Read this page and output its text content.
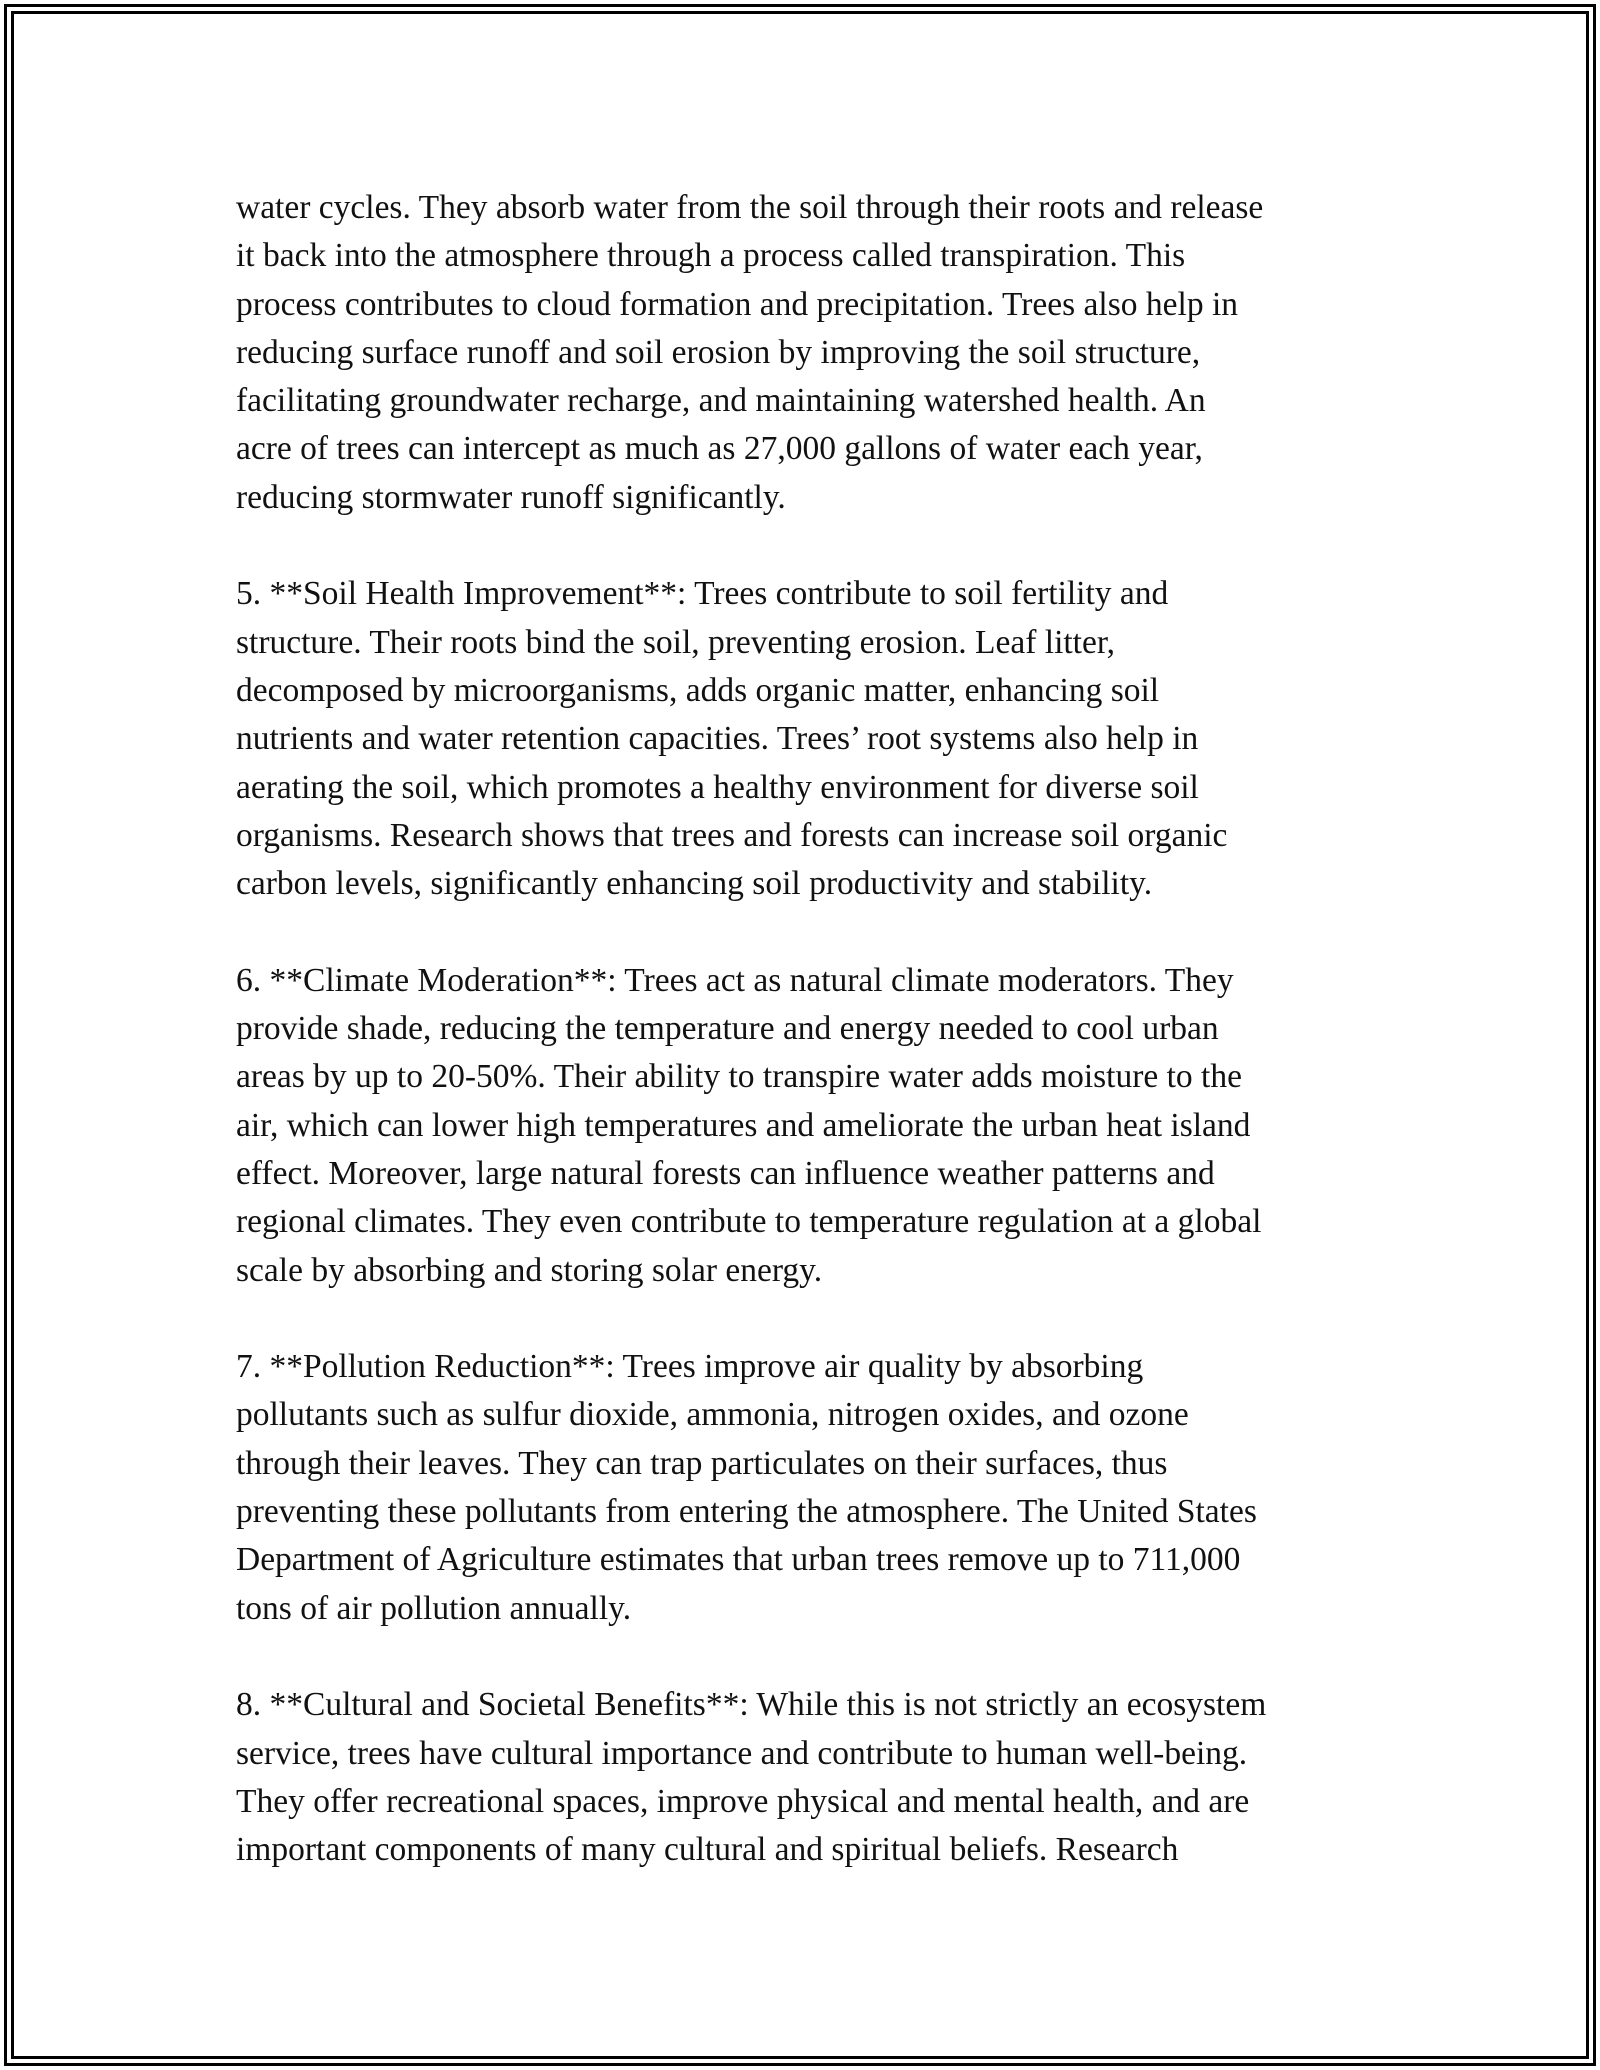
water cycles. They absorb water from the soil through their roots and release
it back into the atmosphere through a process called transpiration. This
process contributes to cloud formation and precipitation. Trees also help in
reducing surface runoff and soil erosion by improving the soil structure,
facilitating groundwater recharge, and maintaining watershed health. An
acre of trees can intercept as much as 27,000 gallons of water each year,
reducing stormwater runoff significantly.

5. **Soil Health Improvement**: Trees contribute to soil fertility and
structure. Their roots bind the soil, preventing erosion. Leaf litter,
decomposed by microorganisms, adds organic matter, enhancing soil
nutrients and water retention capacities. Trees’ root systems also help in
aerating the soil, which promotes a healthy environment for diverse soil
organisms. Research shows that trees and forests can increase soil organic
carbon levels, significantly enhancing soil productivity and stability.

6. **Climate Moderation**: Trees act as natural climate moderators. They
provide shade, reducing the temperature and energy needed to cool urban
areas by up to 20-50%. Their ability to transpire water adds moisture to the
air, which can lower high temperatures and ameliorate the urban heat island
effect. Moreover, large natural forests can influence weather patterns and
regional climates. They even contribute to temperature regulation at a global
scale by absorbing and storing solar energy.

7. **Pollution Reduction**: Trees improve air quality by absorbing
pollutants such as sulfur dioxide, ammonia, nitrogen oxides, and ozone
through their leaves. They can trap particulates on their surfaces, thus
preventing these pollutants from entering the atmosphere. The United States
Department of Agriculture estimates that urban trees remove up to 711,000
tons of air pollution annually.

8. **Cultural and Societal Benefits**: While this is not strictly an ecosystem
service, trees have cultural importance and contribute to human well-being.
They offer recreational spaces, improve physical and mental health, and are
important components of many cultural and spiritual beliefs. Research
